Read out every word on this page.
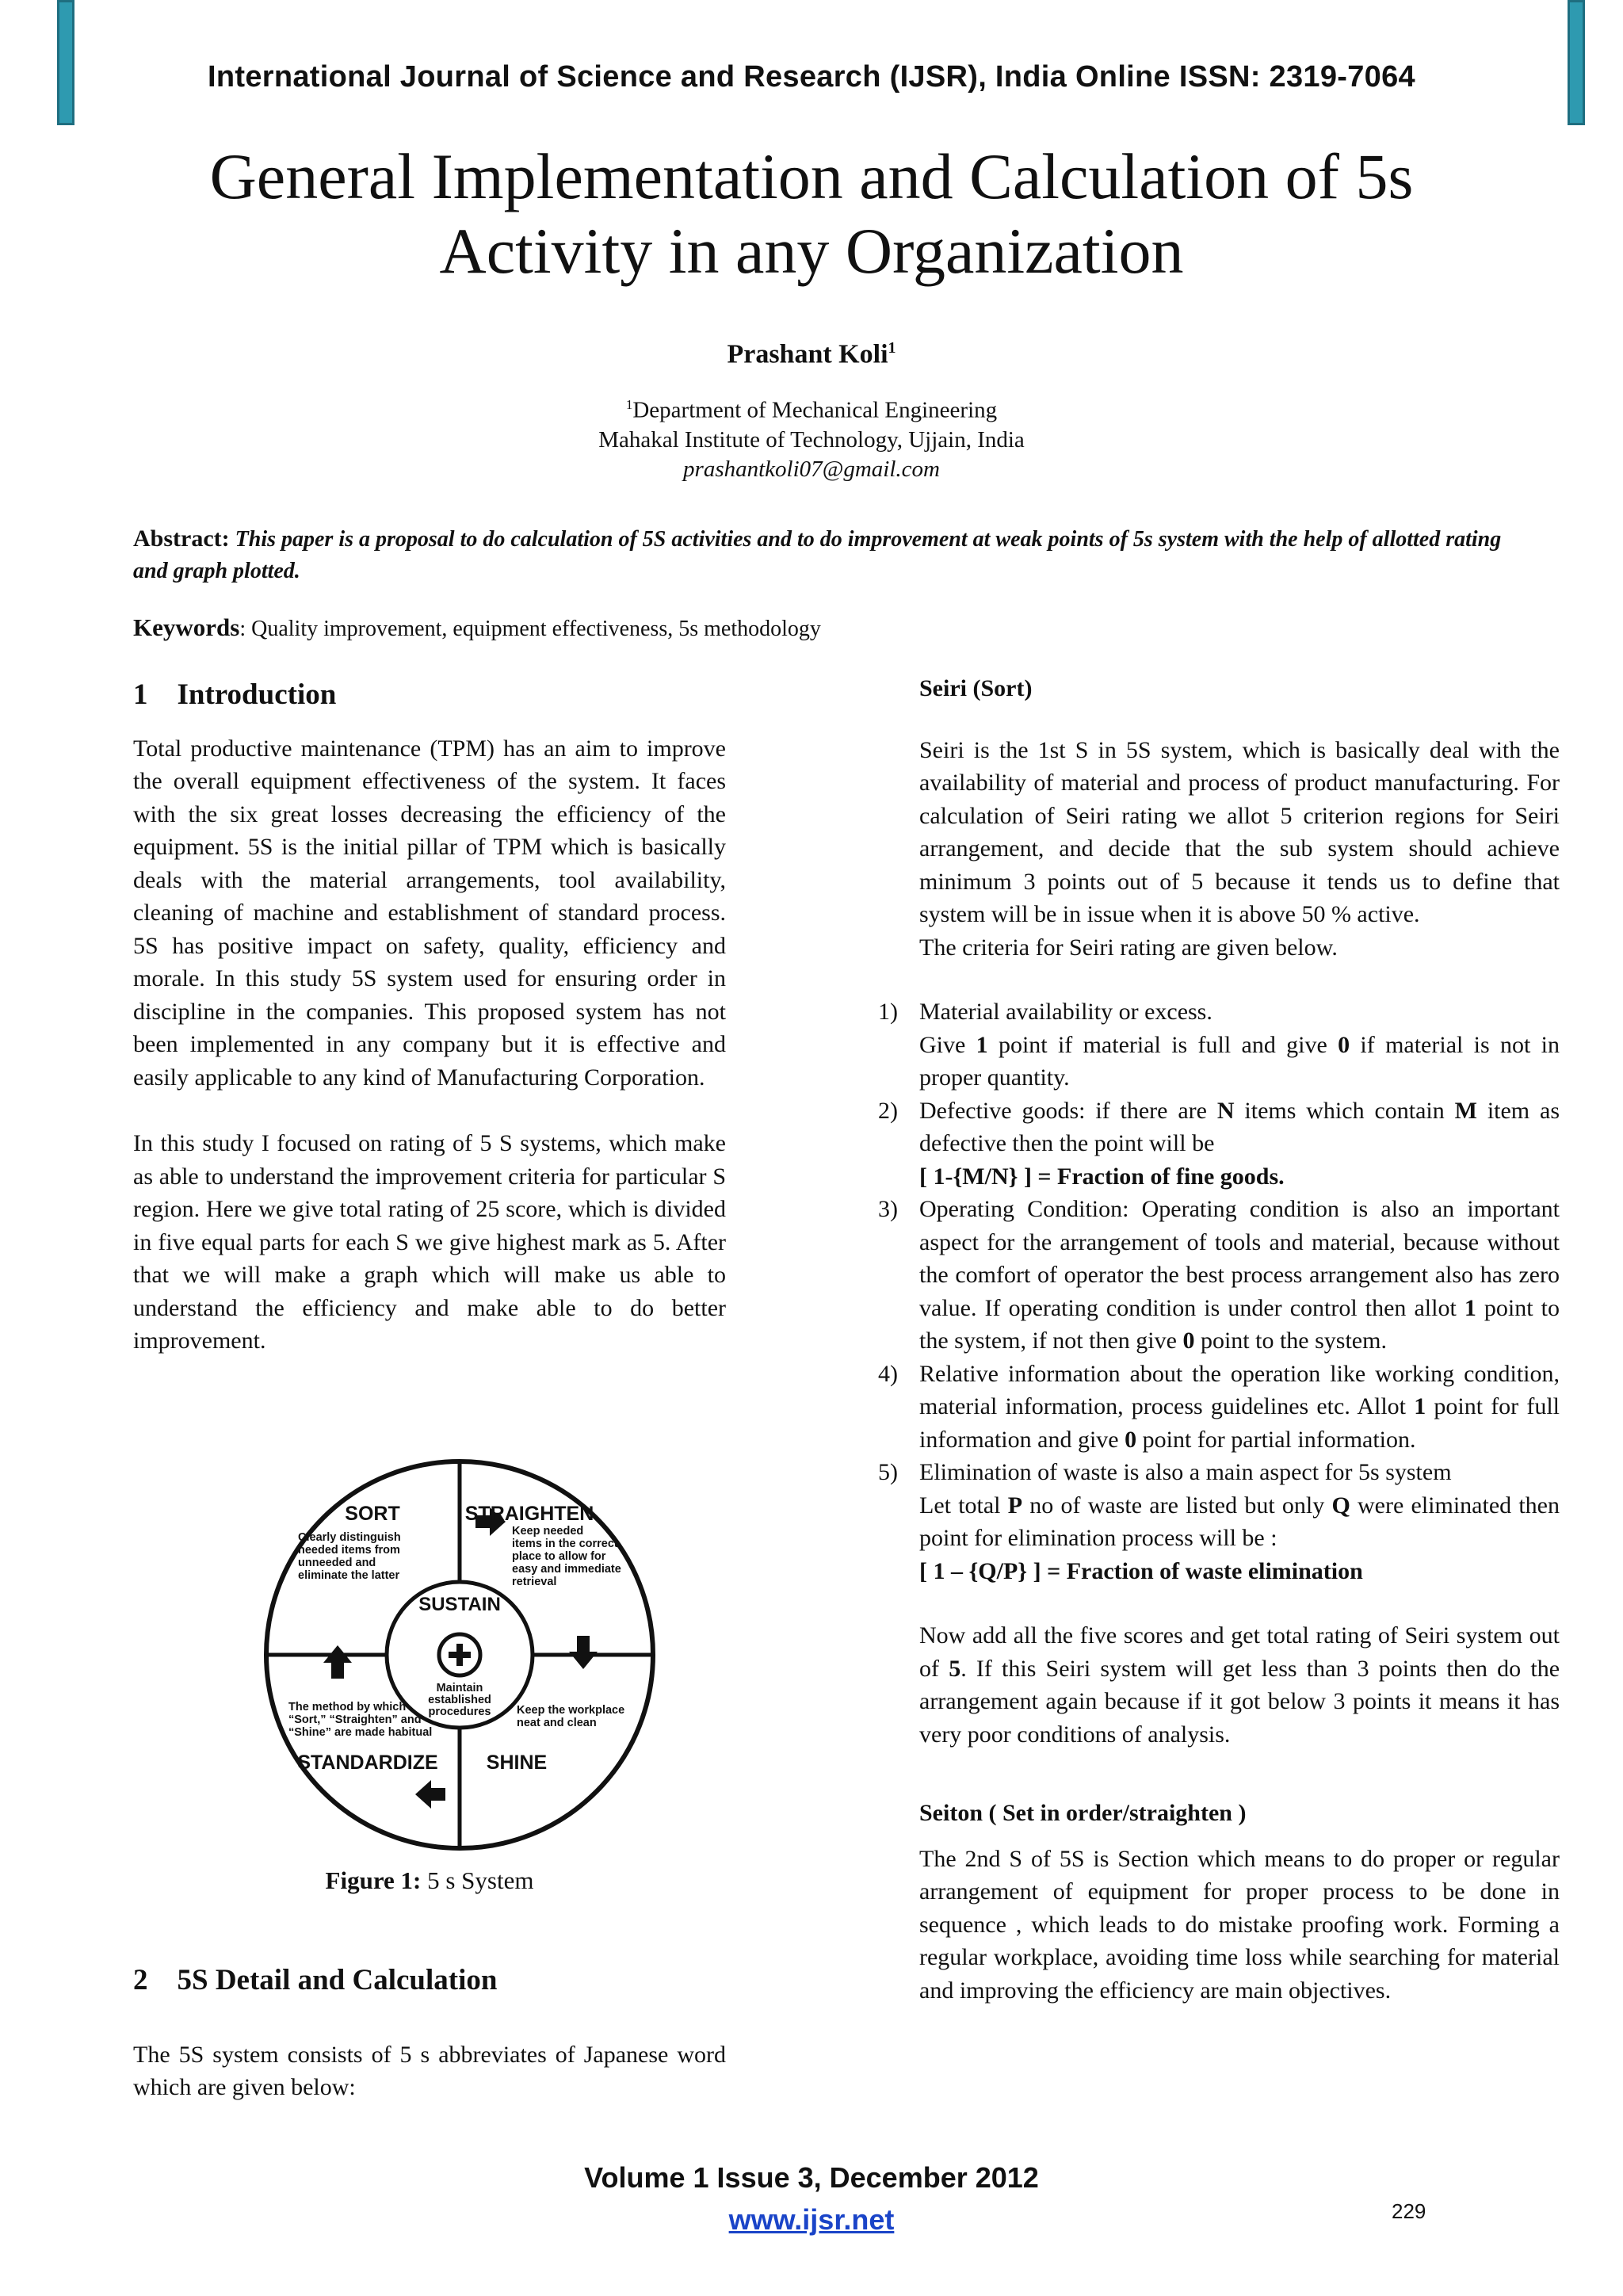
International Journal of Science and Research (IJSR), India Online ISSN: 2319-7064
General Implementation and Calculation of 5s
Activity in any Organization
Prashant Koli$^1$
$^1$Department of Mechanical Engineering
Mahakal Institute of Technology, Ujjain, India
prashantkoli07@gmail.com
Abstract: This paper is a proposal to do calculation of 5S activities and to do improvement at weak points of 5s system with the help of allotted rating and graph plotted.
Keywords: Quality improvement, equipment effectiveness, 5s methodology
1    Introduction

Total productive maintenance (TPM) has an aim to improve the overall equipment effectiveness of the system. It faces with the six great losses decreasing the efficiency of the equipment. 5S is the initial pillar of TPM which is basically deals with the material arrangements, tool availability, cleaning of machine and establishment of standard process. 5S has positive impact on safety, quality, efficiency and morale. In this study 5S system used for ensuring order in discipline in the companies. This proposed system has not been implemented in any company but it is effective and easily applicable to any kind of Manufacturing Corporation.

In this study I focused on rating of 5 S systems, which make as able to understand the improvement criteria for particular S region. Here we give total rating of 25 score, which is divided in five equal parts for each S we give highest mark as 5. After that we will make a graph which will make us able to understand the efficiency and make able to do better improvement.

SORT	STRAIGHTEN
SUSTAIN
STANDARDIZE SHINE
Clearly distinguish
needed items from
unneeded and
eliminate the latter
Keep needed
items in the correct
place to allow for
easy and immediate
retrieval
Maintain
established
procedures
The method by which
“Sort,” “Straighten” and
“Shine” are made habitual
Keep the workplace
neat and clean
Figure 1: 5 s System
2    5S Detail and Calculation

The 5S system consists of 5 s abbreviates of Japanese word which are given below:

Seiri (Sort)

Seiri is the 1st S in 5S system, which is basically deal with the availability of material and process of product manufacturing. For calculation of Seiri rating we allot 5 criterion regions for Seiri arrangement, and decide that the sub system should achieve minimum 3 points out of 5 because it tends us to define that system will be in issue when it is above 50 % active.

The criteria for Seiri rating are given below.

1) Material availability or excess.
Give 1 point if material is full and give 0 if material is not in proper quantity.
2) Defective goods: if there are N items which contain M item as defective then the point will be
[ 1-{M/N} ] = Fraction of fine goods.
3) Operating Condition: Operating condition is also an important aspect for the arrangement of tools and material, because without the comfort of operator the best process arrangement also has zero value. If operating condition is under control then allot 1 point to the system, if not then give 0 point to the system.
4) Relative information about the operation like working condition, material information, process guidelines etc. Allot 1 point for full information and give 0 point for partial information.
5) Elimination of waste is also a main aspect for 5s system
Let total P no of waste are listed but only Q were eliminated then point for elimination process will be :
[ 1 – {Q/P} ] = Fraction of waste elimination

Now add all the five scores and get total rating of Seiri system out of 5. If this Seiri system will get less than 3 points then do the arrangement again because if it got below 3 points it means it has very poor conditions of analysis.

Seiton ( Set in order/straighten )

The 2nd S of 5S is Section which means to do proper or regular arrangement of equipment for proper process to be done in sequence , which leads to do mistake proofing work. Forming a regular workplace, avoiding time loss while searching for material and improving the efficiency are main objectives.

Volume 1 Issue 3, December 2012
www.ijsr.net	229
